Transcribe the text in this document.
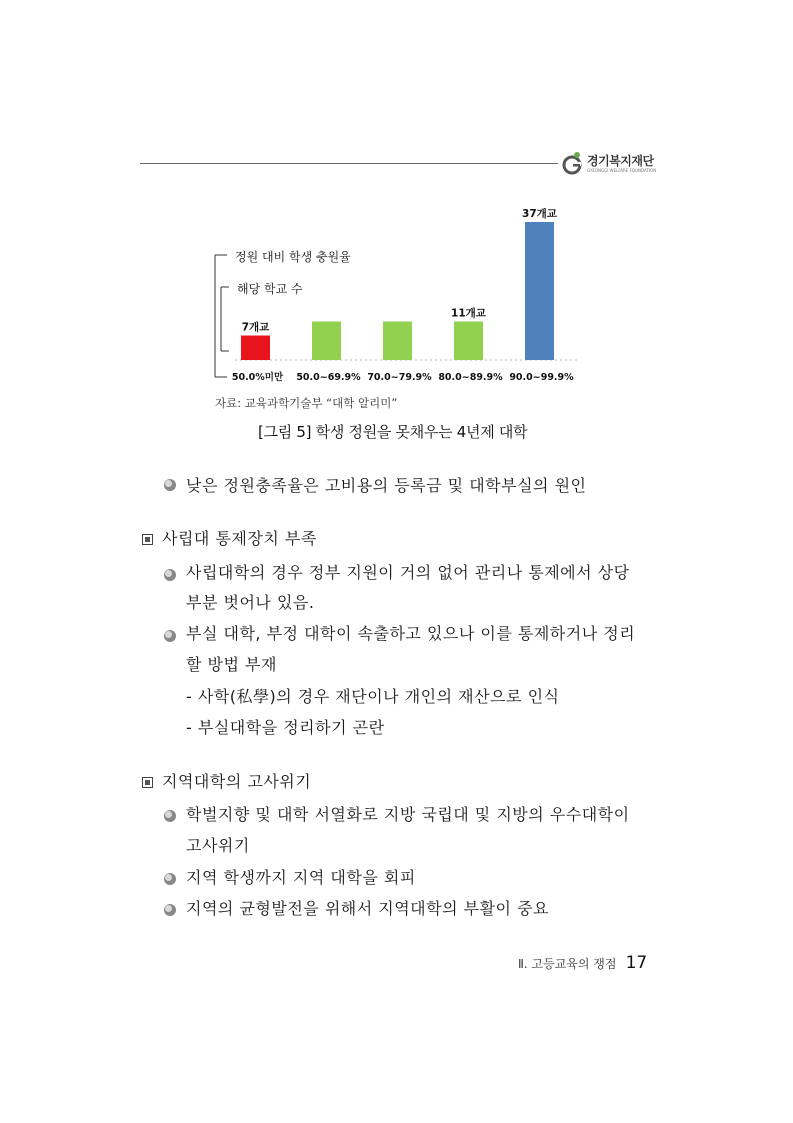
경기복지재단
GYEONGGI WELFARE FOUNDATION
정원 대비 학생 충원율
해당 학교 수
7개교
11개교
37개교
50.0%미만 50.0~69.9% 70.0~79.9% 80.0~89.9% 90.0~99.9%
자료: 교육과학기술부 “대학 알리미”
[그림 5] 학생 정원을 못채우는 4년제 대학
낮은 정원충족율은 고비용의 등록금 및 대학부실의 원인
사립대 통제장치 부족
사립대학의 경우 정부 지원이 거의 없어 관리나 통제에서 상당
부분 벗어나 있음.
부실 대학, 부정 대학이 속출하고 있으나 이를 통제하거나 정리
할 방법 부재
- 사학(私學)의 경우 재단이나 개인의 재산으로 인식
- 부실대학을 정리하기 곤란
지역대학의 고사위기
학벌지향 및 대학 서열화로 지방 국립대 및 지방의 우수대학이
고사위기
지역 학생까지 지역 대학을 회피
지역의 균형발전을 위해서 지역대학의 부활이 중요
Ⅱ. 고등교육의 쟁점 17
